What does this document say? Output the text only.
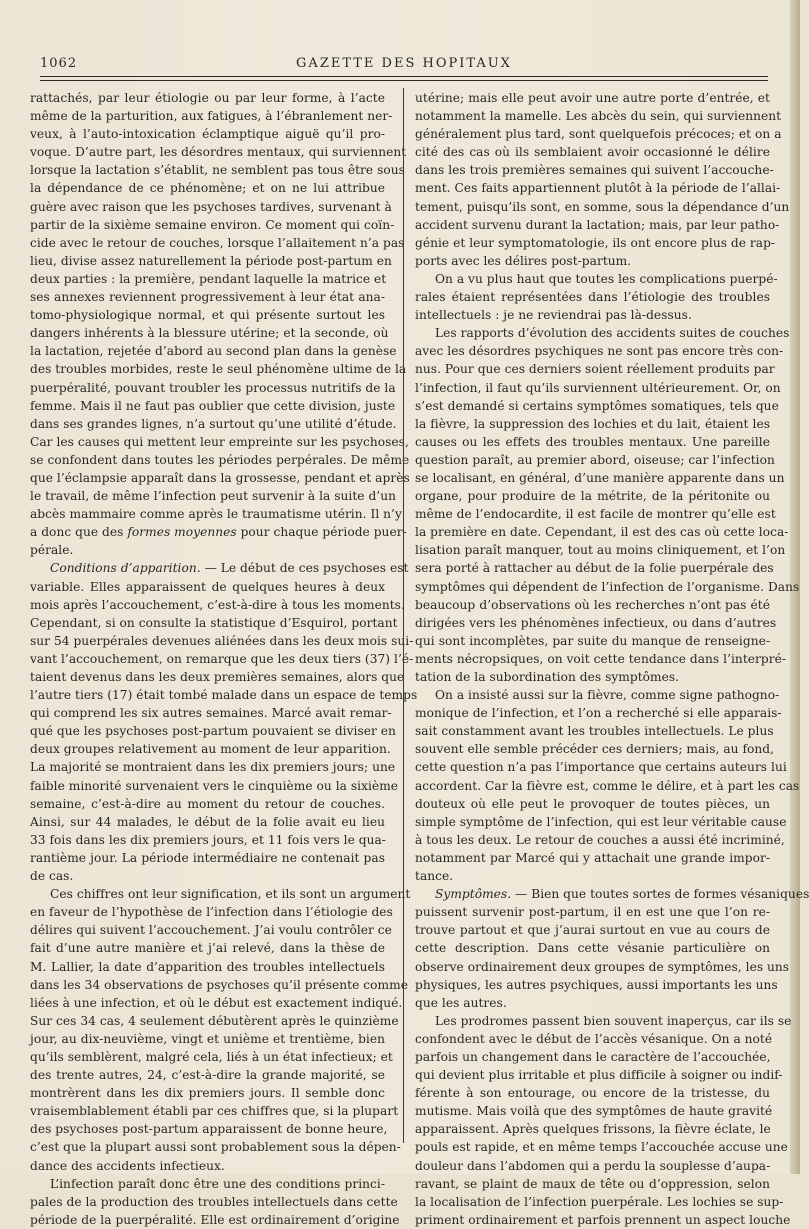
1062	GAZETTE DES HOPITAUX
rattachés, par leur étiologie ou par leur forme, à l’acte
même de la parturition, aux fatigues, à l’ébranlement ner-
veux, à l’auto-intoxication éclamptique aiguë qu’il pro-
voque. D’autre part, les désordres mentaux, qui surviennent
lorsque la lactation s’établit, ne semblent pas tous être sous
la dépendance de ce phénomène; et on ne lui attribue
guère avec raison que les psychoses tardives, survenant à
partir de la sixième semaine environ. Ce moment qui coïn-
cide avec le retour de couches, lorsque l’allaitement n’a pas
lieu, divise assez naturellement la période post-partum en
deux parties : la première, pendant laquelle la matrice et
ses annexes reviennent progressivement à leur état ana-
tomo-physiologique normal, et qui présente surtout les
dangers inhérents à la blessure utérine; et la seconde, où
la lactation, rejetée d’abord au second plan dans la genèse
des troubles morbides, reste le seul phénomène ultime de la
puerpéralité, pouvant troubler les processus nutritifs de la
femme. Mais il ne faut pas oublier que cette division, juste
dans ses grandes lignes, n’a surtout qu’une utilité d’étude.
Car les causes qui mettent leur empreinte sur les psychoses,
se confondent dans toutes les périodes perpérales. De même
que l’éclampsie apparaît dans la grossesse, pendant et après
le travail, de même l’infection peut survenir à la suite d’un
abcès mammaire comme après le traumatisme utérin. Il n’y
a donc que des formes moyennes pour chaque période puer-
pérale.
Conditions d’apparition. — Le début de ces psychoses est
variable. Elles apparaissent de quelques heures à deux
mois après l’accouchement, c’est-à-dire à tous les moments.
Cependant, si on consulte la statistique d’Esquirol, portant
sur 54 puerpérales devenues aliénées dans les deux mois sui-
vant l’accouchement, on remarque que les deux tiers (37) l’é-
taient devenus dans les deux premières semaines, alors que
l’autre tiers (17) était tombé malade dans un espace de temps
qui comprend les six autres semaines. Marcé avait remar-
qué que les psychoses post-partum pouvaient se diviser en
deux groupes relativement au moment de leur apparition.
La majorité se montraient dans les dix premiers jours; une
faible minorité survenaient vers le cinquième ou la sixième
semaine, c’est-à-dire au moment du retour de couches.
Ainsi, sur 44 malades, le début de la folie avait eu lieu
33 fois dans les dix premiers jours, et 11 fois vers le qua-
rantième jour. La période intermédiaire ne contenait pas
de cas.
Ces chiffres ont leur signification, et ils sont un argument
en faveur de l’hypothèse de l’infection dans l’étiologie des
délires qui suivent l’accouchement. J’ai voulu contrôler ce
fait d’une autre manière et j’ai relevé, dans la thèse de
M. Lallier, la date d’apparition des troubles intellectuels
dans les 34 observations de psychoses qu’il présente comme
liées à une infection, et où le début est exactement indiqué.
Sur ces 34 cas, 4 seulement débutèrent après le quinzième
jour, au dix-neuvième, vingt et unième et trentième, bien
qu’ils semblèrent, malgré cela, liés à un état infectieux; et
des trente autres, 24, c’est-à-dire la grande majorité, se
montrèrent dans les dix premiers jours. Il semble donc
vraisemblablement établi par ces chiffres que, si la plupart
des psychoses post-partum apparaissent de bonne heure,
c’est que la plupart aussi sont probablement sous la dépen-
dance des accidents infectieux.
L’infection paraît donc être une des conditions princi-
pales de la production des troubles intellectuels dans cette
période de la puerpéralité. Elle est ordinairement d’origine
utérine; mais elle peut avoir une autre porte d’entrée, et
notamment la mamelle. Les abcès du sein, qui surviennent
généralement plus tard, sont quelquefois précoces; et on a
cité des cas où ils semblaient avoir occasionné le délire
dans les trois premières semaines qui suivent l’accouche-
ment. Ces faits appartiennent plutôt à la période de l’allai-
tement, puisqu’ils sont, en somme, sous la dépendance d’un
accident survenu durant la lactation; mais, par leur patho-
génie et leur symptomatologie, ils ont encore plus de rap-
ports avec les délires post-partum.
On a vu plus haut que toutes les complications puerpé-
rales étaient représentées dans l’étiologie des troubles
intellectuels : je ne reviendrai pas là-dessus.
Les rapports d’évolution des accidents suites de couches
avec les désordres psychiques ne sont pas encore très con-
nus. Pour que ces derniers soient réellement produits par
l’infection, il faut qu’ils surviennent ultérieurement. Or, on
s’est demandé si certains symptômes somatiques, tels que
la fièvre, la suppression des lochies et du lait, étaient les
causes ou les effets des troubles mentaux. Une pareille
question paraît, au premier abord, oiseuse; car l’infection
se localisant, en général, d’une manière apparente dans un
organe, pour produire de la métrite, de la péritonite ou
même de l’endocardite, il est facile de montrer qu’elle est
la première en date. Cependant, il est des cas où cette loca-
lisation paraît manquer, tout au moins cliniquement, et l’on
sera porté à rattacher au début de la folie puerpérale des
symptômes qui dépendent de l’infection de l’organisme. Dans
beaucoup d’observations où les recherches n’ont pas été
dirigées vers les phénomènes infectieux, ou dans d’autres
qui sont incomplètes, par suite du manque de renseigne-
ments nécropsiques, on voit cette tendance dans l’interpré-
tation de la subordination des symptômes.
On a insisté aussi sur la fièvre, comme signe pathogno-
monique de l’infection, et l’on a recherché si elle apparais-
sait constamment avant les troubles intellectuels. Le plus
souvent elle semble précéder ces derniers; mais, au fond,
cette question n’a pas l’importance que certains auteurs lui
accordent. Car la fièvre est, comme le délire, et à part les cas
douteux où elle peut le provoquer de toutes pièces, un
simple symptôme de l’infection, qui est leur véritable cause
à tous les deux. Le retour de couches a aussi été incriminé,
notamment par Marcé qui y attachait une grande impor-
tance.
Symptômes. — Bien que toutes sortes de formes vésaniques
puissent survenir post-partum, il en est une que l’on re-
trouve partout et que j’aurai surtout en vue au cours de
cette description. Dans cette vésanie particulière on
observe ordinairement deux groupes de symptômes, les uns
physiques, les autres psychiques, aussi importants les uns
que les autres.
Les prodromes passent bien souvent inaperçus, car ils se
confondent avec le début de l’accès vésanique. On a noté
parfois un changement dans le caractère de l’accouchée,
qui devient plus irritable et plus difficile à soigner ou indif-
férente à son entourage, ou encore de la tristesse, du
mutisme. Mais voilà que des symptômes de haute gravité
apparaissent. Après quelques frissons, la fièvre éclate, le
pouls est rapide, et en même temps l’accouchée accuse une
douleur dans l’abdomen qui a perdu la souplesse d’aupa-
ravant, se plaint de maux de tête ou d’oppression, selon
la localisation de l’infection puerpérale. Les lochies se sup-
priment ordinairement et parfois prennent un aspect louche
